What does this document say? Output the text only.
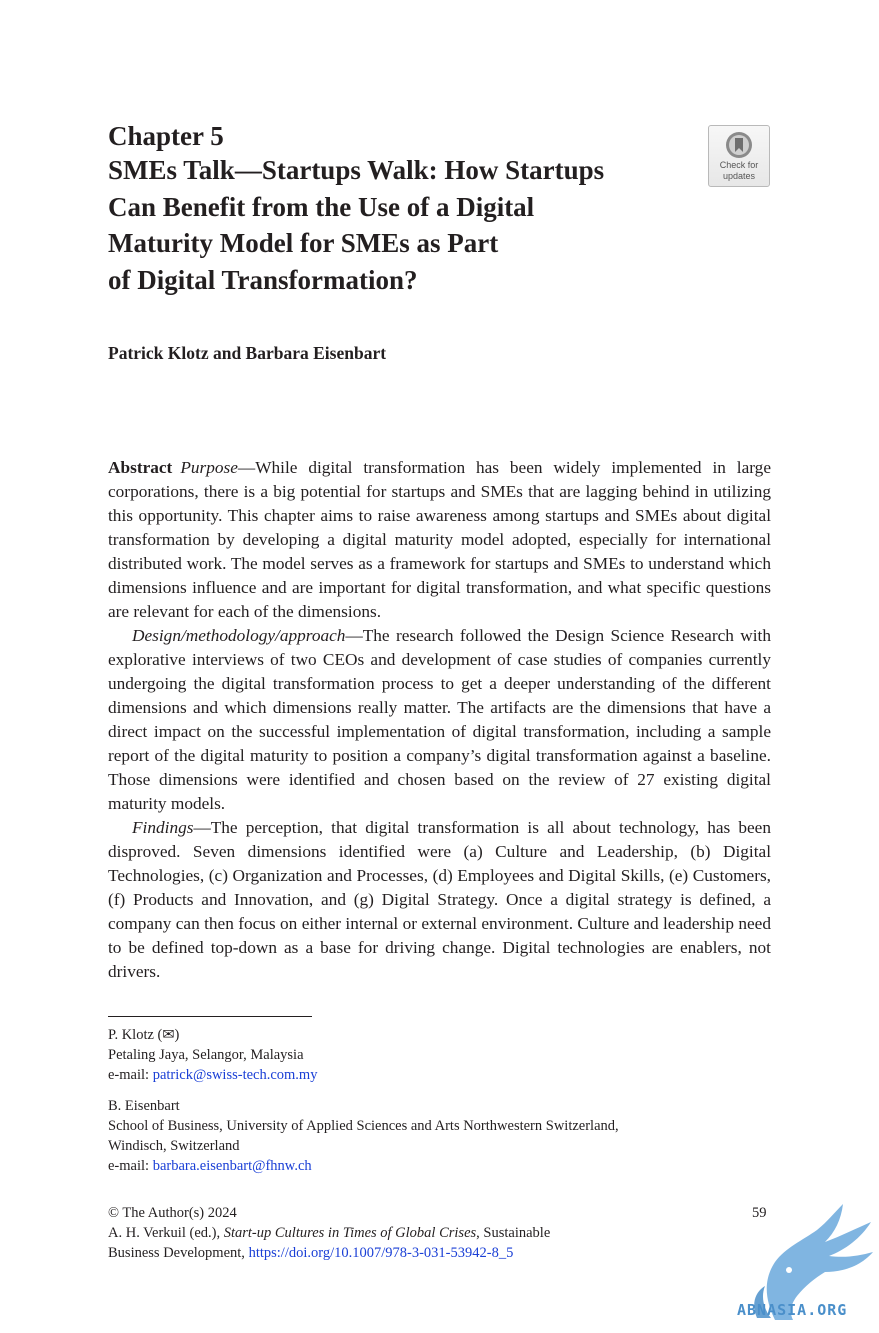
Chapter 5
SMEs Talk—Startups Walk: How Startups
Can Benefit from the Use of a Digital
Maturity Model for SMEs as Part
of Digital Transformation?
Check for
updates
Patrick Klotz and Barbara Eisenbart

Abstract Purpose—While digital transformation has been widely implemented in large corporations, there is a big potential for startups and SMEs that are lagging behind in utilizing this opportunity. This chapter aims to raise awareness among startups and SMEs about digital transformation by developing a digital maturity model adopted, especially for international distributed work. The model serves as a framework for startups and SMEs to understand which dimensions influence and are important for digital transformation, and what specific questions are relevant for each of the dimensions.

Design/methodology/approach—The research followed the Design Science Research with explorative interviews of two CEOs and development of case studies of companies currently undergoing the digital transformation process to get a deeper understanding of the different dimensions and which dimensions really matter. The artifacts are the dimensions that have a direct impact on the successful implementation of digital transformation, including a sample report of the digital maturity to position a company’s digital transformation against a baseline. Those dimensions were identified and chosen based on the review of 27 existing digital maturity models.

Findings—The perception, that digital transformation is all about technology, has been disproved. Seven dimensions identified were (a) Culture and Leadership, (b) Digital Technologies, (c) Organization and Processes, (d) Employees and Digital Skills, (e) Customers, (f) Products and Innovation, and (g) Digital Strategy. Once a digital strategy is defined, a company can then focus on either internal or external environment. Culture and leadership need to be defined top-down as a base for driving change. Digital technologies are enablers, not drivers.

P. Klotz (✉)
Petaling Jaya, Selangor, Malaysia
e-mail: patrick@swiss-tech.com.my
B. Eisenbart
School of Business, University of Applied Sciences and Arts Northwestern Switzerland,
Windisch, Switzerland
e-mail: barbara.eisenbart@fhnw.ch
© The Author(s) 2024
A. H. Verkuil (ed.), Start-up Cultures in Times of Global Crises, Sustainable
Business Development, https://doi.org/10.1007/978-3-031-53942-8_5
59
ABNASIA.ORG
